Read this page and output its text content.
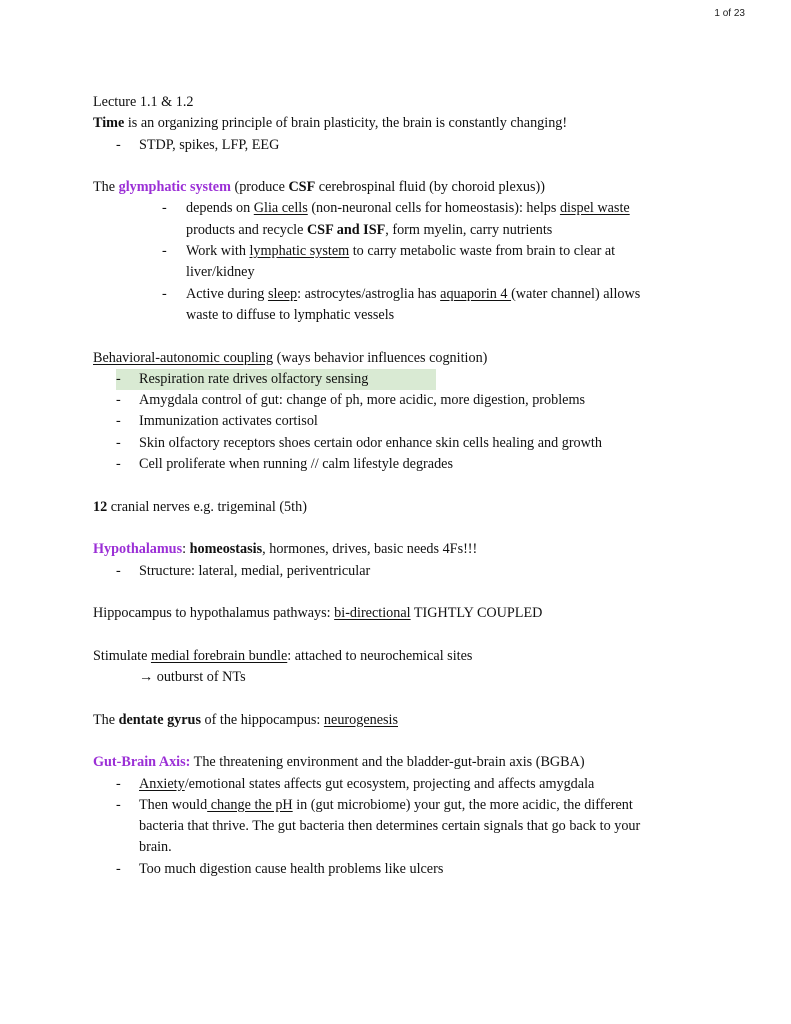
1 of 23
Lecture 1.1 & 1.2
Time is an organizing principle of brain plasticity, the brain is constantly changing!
- STDP, spikes, LFP, EEG
The glymphatic system (produce CSF cerebrospinal fluid (by choroid plexus))
- depends on Glia cells (non-neuronal cells for homeostasis): helps dispel waste
products and recycle CSF and ISF, form myelin, carry nutrients
- Work with lymphatic system to carry metabolic waste from brain to clear at
liver/kidney
- Active during sleep: astrocytes/astroglia has aquaporin 4 (water channel) allows
waste to diffuse to lymphatic vessels
Behavioral-autonomic coupling (ways behavior influences cognition)
- Respiration rate drives olfactory sensing
- Amygdala control of gut: change of ph, more acidic, more digestion, problems
- Immunization activates cortisol
- Skin olfactory receptors shoes certain odor enhance skin cells healing and growth
- Cell proliferate when running // calm lifestyle degrades
12 cranial nerves e.g. trigeminal (5th)
Hypothalamus: homeostasis, hormones, drives, basic needs 4Fs!!!
- Structure: lateral, medial, periventricular
Hippocampus to hypothalamus pathways: bi-directional TIGHTLY COUPLED
Stimulate medial forebrain bundle: attached to neurochemical sites
→ outburst of NTs
The dentate gyrus of the hippocampus: neurogenesis
Gut-Brain Axis: The threatening environment and the bladder-gut-brain axis (BGBA)
- Anxiety/emotional states affects gut ecosystem, projecting and affects amygdala
- Then would change the pH in (gut microbiome) your gut, the more acidic, the different
bacteria that thrive. The gut bacteria then determines certain signals that go back to your
brain.
- Too much digestion cause health problems like ulcers
